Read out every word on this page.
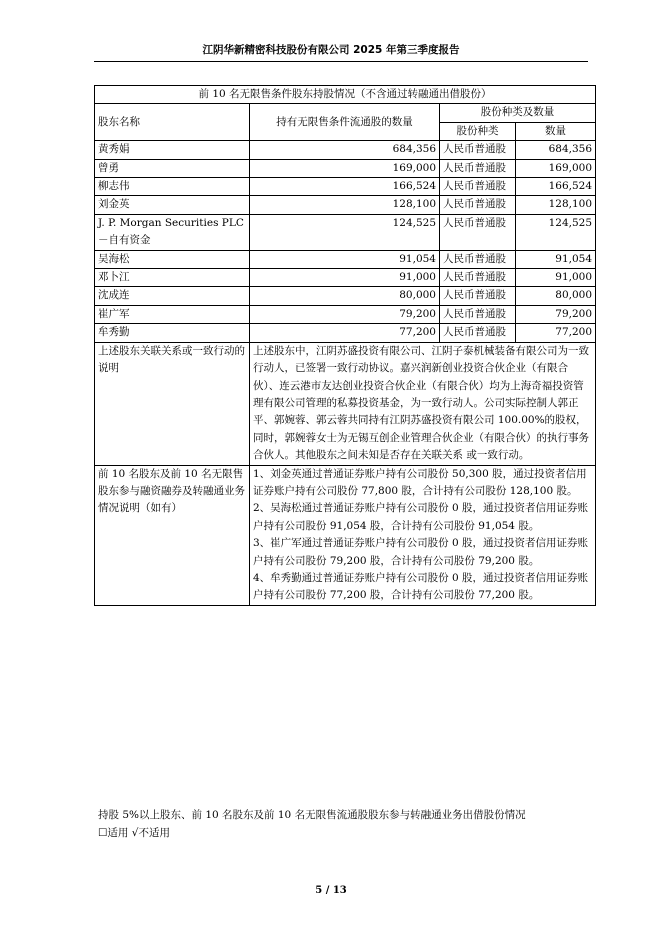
江阴华新精密科技股份有限公司 2025 年第三季度报告
前 10 名无限售条件股东持股情况（不含通过转融通出借股份）			
股东名称	持有无限售条件流通股的数量	股份种类及数量	
		股份种类	数量
黄秀娟	684,356	人民币普通股	684,356
曾勇	169,000	人民币普通股	169,000
柳志伟	166,524	人民币普通股	166,524
刘金英	128,100	人民币普通股	128,100
J. P. Morgan Securities PLC－自有资金	124,525	人民币普通股	124,525
吴海松	91,054	人民币普通股	91,054
邓卜江	91,000	人民币普通股	91,000
沈成连	80,000	人民币普通股	80,000
崔广军	79,200	人民币普通股	79,200
牟秀勤	77,200	人民币普通股	77,200
上述股东关联关系或一致行动的说明	上述股东中，江阴苏盛投资有限公司、江阴子泰机械装备有限公司为一致行动人，已签署一致行动协议。嘉兴润新创业投资合伙企业（有限合伙）、连云港市友达创业投资合伙企业（有限合伙）均为上海奇福投资管理有限公司管理的私募投资基金，为一致行动人。公司实际控制人郭正平、郭婉蓉、郭云蓉共同持有江阴苏盛投资有限公司 100.00%的股权，同时，郭婉蓉女士为无锡互创企业管理合伙企业（有限合伙）的执行事务合伙人。其他股东之间未知是否存在关联关系 或一致行动。		
前 10 名股东及前 10 名无限售股东参与融资融券及转融通业务情况说明（如有）	1、刘金英通过普通证券账户持有公司股份 50,300 股，通过投资者信用证券账户持有公司股份 77,800 股，合计持有公司股份 128,100 股。

2、吴海松通过普通证券账户持有公司股份 0 股，通过投资者信用证券账户持有公司股份 91,054 股，合计持有公司股份 91,054 股。

3、崔广军通过普通证券账户持有公司股份 0 股，通过投资者信用证券账户持有公司股份 79,200 股，合计持有公司股份 79,200 股。

4、牟秀勤通过普通证券账户持有公司股份 0 股，通过投资者信用证券账户持有公司股份 77,200 股，合计持有公司股份 77,200 股。		

持股 5%以上股东、前 10 名股东及前 10 名无限售流通股股东参与转融通业务出借股份情况
☐适用 √不适用
5 / 13
